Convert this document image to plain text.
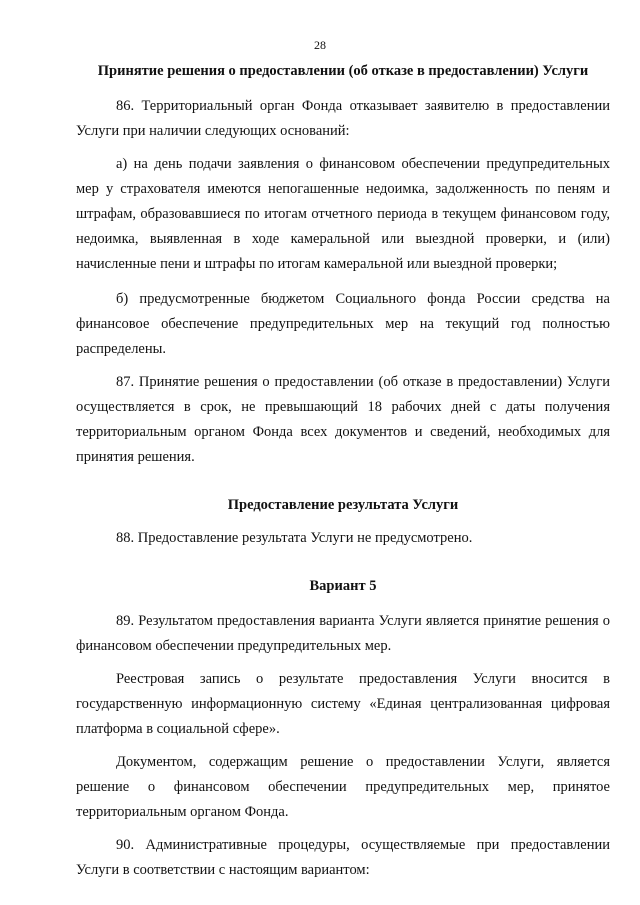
28

Принятие решения о предоставлении (об отказе в предоставлении) Услуги

86. Территориальный орган Фонда отказывает заявителю в предоставлении Услуги при наличии следующих оснований:

а) на день подачи заявления о финансовом обеспечении предупредительных мер у страхователя имеются непогашенные недоимка, задолженность по пеням и штрафам, образовавшиеся по итогам отчетного периода в текущем финансовом году, недоимка, выявленная в ходе камеральной или выездной проверки, и (или) начисленные пени и штрафы по итогам камеральной или выездной проверки;

б) предусмотренные бюджетом Социального фонда России средства на финансовое обеспечение предупредительных мер на текущий год полностью распределены.

87. Принятие решения о предоставлении (об отказе в предоставлении) Услуги осуществляется в срок, не превышающий 18 рабочих дней с даты получения территориальным органом Фонда всех документов и сведений, необходимых для принятия решения.

Предоставление результата Услуги

88. Предоставление результата Услуги не предусмотрено.

Вариант 5

89. Результатом предоставления варианта Услуги является принятие решения о финансовом обеспечении предупредительных мер.

Реестровая запись о результате предоставления Услуги вносится в государственную информационную систему «Единая централизованная цифровая платформа в социальной сфере».

Документом, содержащим решение о предоставлении Услуги, является решение о финансовом обеспечении предупредительных мер, принятое территориальным органом Фонда.

90. Административные процедуры, осуществляемые при предоставлении Услуги в соответствии с настоящим вариантом:
